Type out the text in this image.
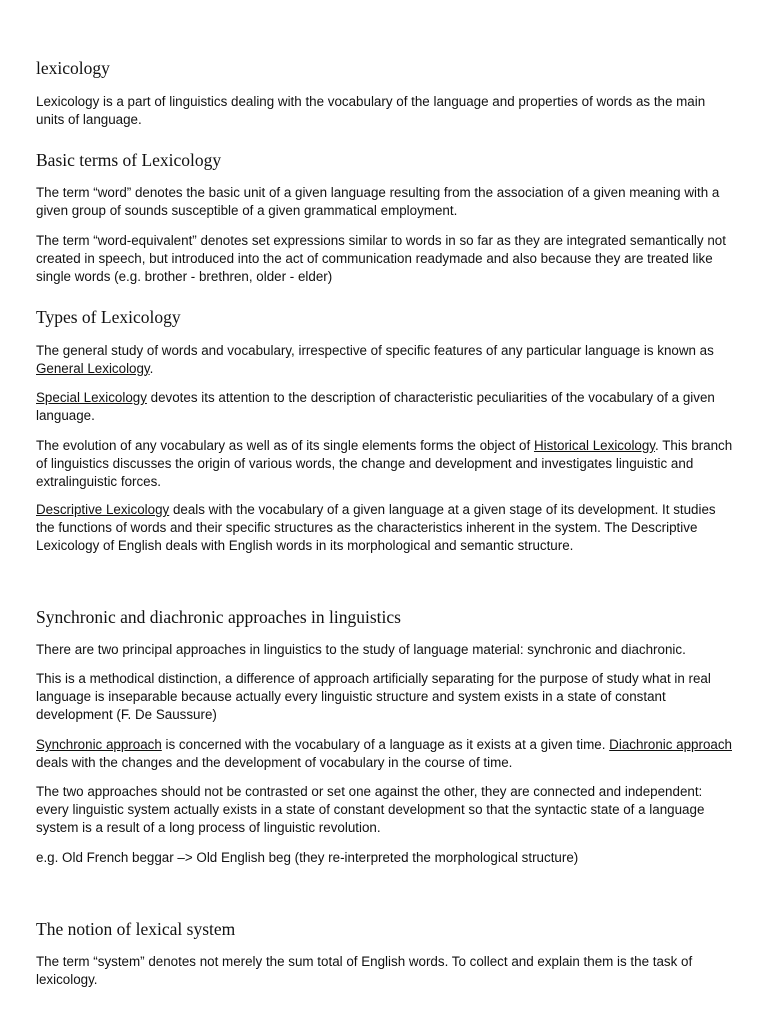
lexicology

Lexicology is a part of linguistics dealing with the vocabulary of the language and properties of words as the main units of language.

Basic terms of Lexicology

The term “word” denotes the basic unit of a given language resulting from the association of a given meaning with a given group of sounds susceptible of a given grammatical employment.

The term “word-equivalent” denotes set expressions similar to words in so far as they are integrated semantically not created in speech, but introduced into the act of communication readymade and also because they are treated like single words (e.g. brother - brethren, older - elder)

Types of Lexicology

The general study of words and vocabulary, irrespective of specific features of any particular language is known as General Lexicology.

Special Lexicology devotes its attention to the description of characteristic peculiarities of the vocabulary of a given language.

The evolution of any vocabulary as well as of its single elements forms the object of Historical Lexicology. This branch of linguistics discusses the origin of various words, the change and development and investigates linguistic and extralinguistic forces.

Descriptive Lexicology deals with the vocabulary of a given language at a given stage of its development. It studies the functions of words and their specific structures as the characteristics inherent in the system. The Descriptive Lexicology of English deals with English words in its morphological and semantic structure.

Synchronic and diachronic approaches in linguistics

There are two principal approaches in linguistics to the study of language material: synchronic and diachronic.

This is a methodical distinction, a difference of approach artificially separating for the purpose of study what in real language is inseparable because actually every linguistic structure and system exists in a state of constant development (F. De Saussure)

Synchronic approach is concerned with the vocabulary of a language as it exists at a given time. Diachronic approach deals with the changes and the development of vocabulary in the course of time.

The two approaches should not be contrasted or set one against the other, they are connected and independent: every linguistic system actually exists in a state of constant development so that the syntactic state of a language system is a result of a long process of linguistic revolution.

e.g. Old French beggar –> Old English beg (they re-interpreted the morphological structure)

The notion of lexical system

The term “system” denotes not merely the sum total of English words. To collect and explain them is the task of lexicology.
